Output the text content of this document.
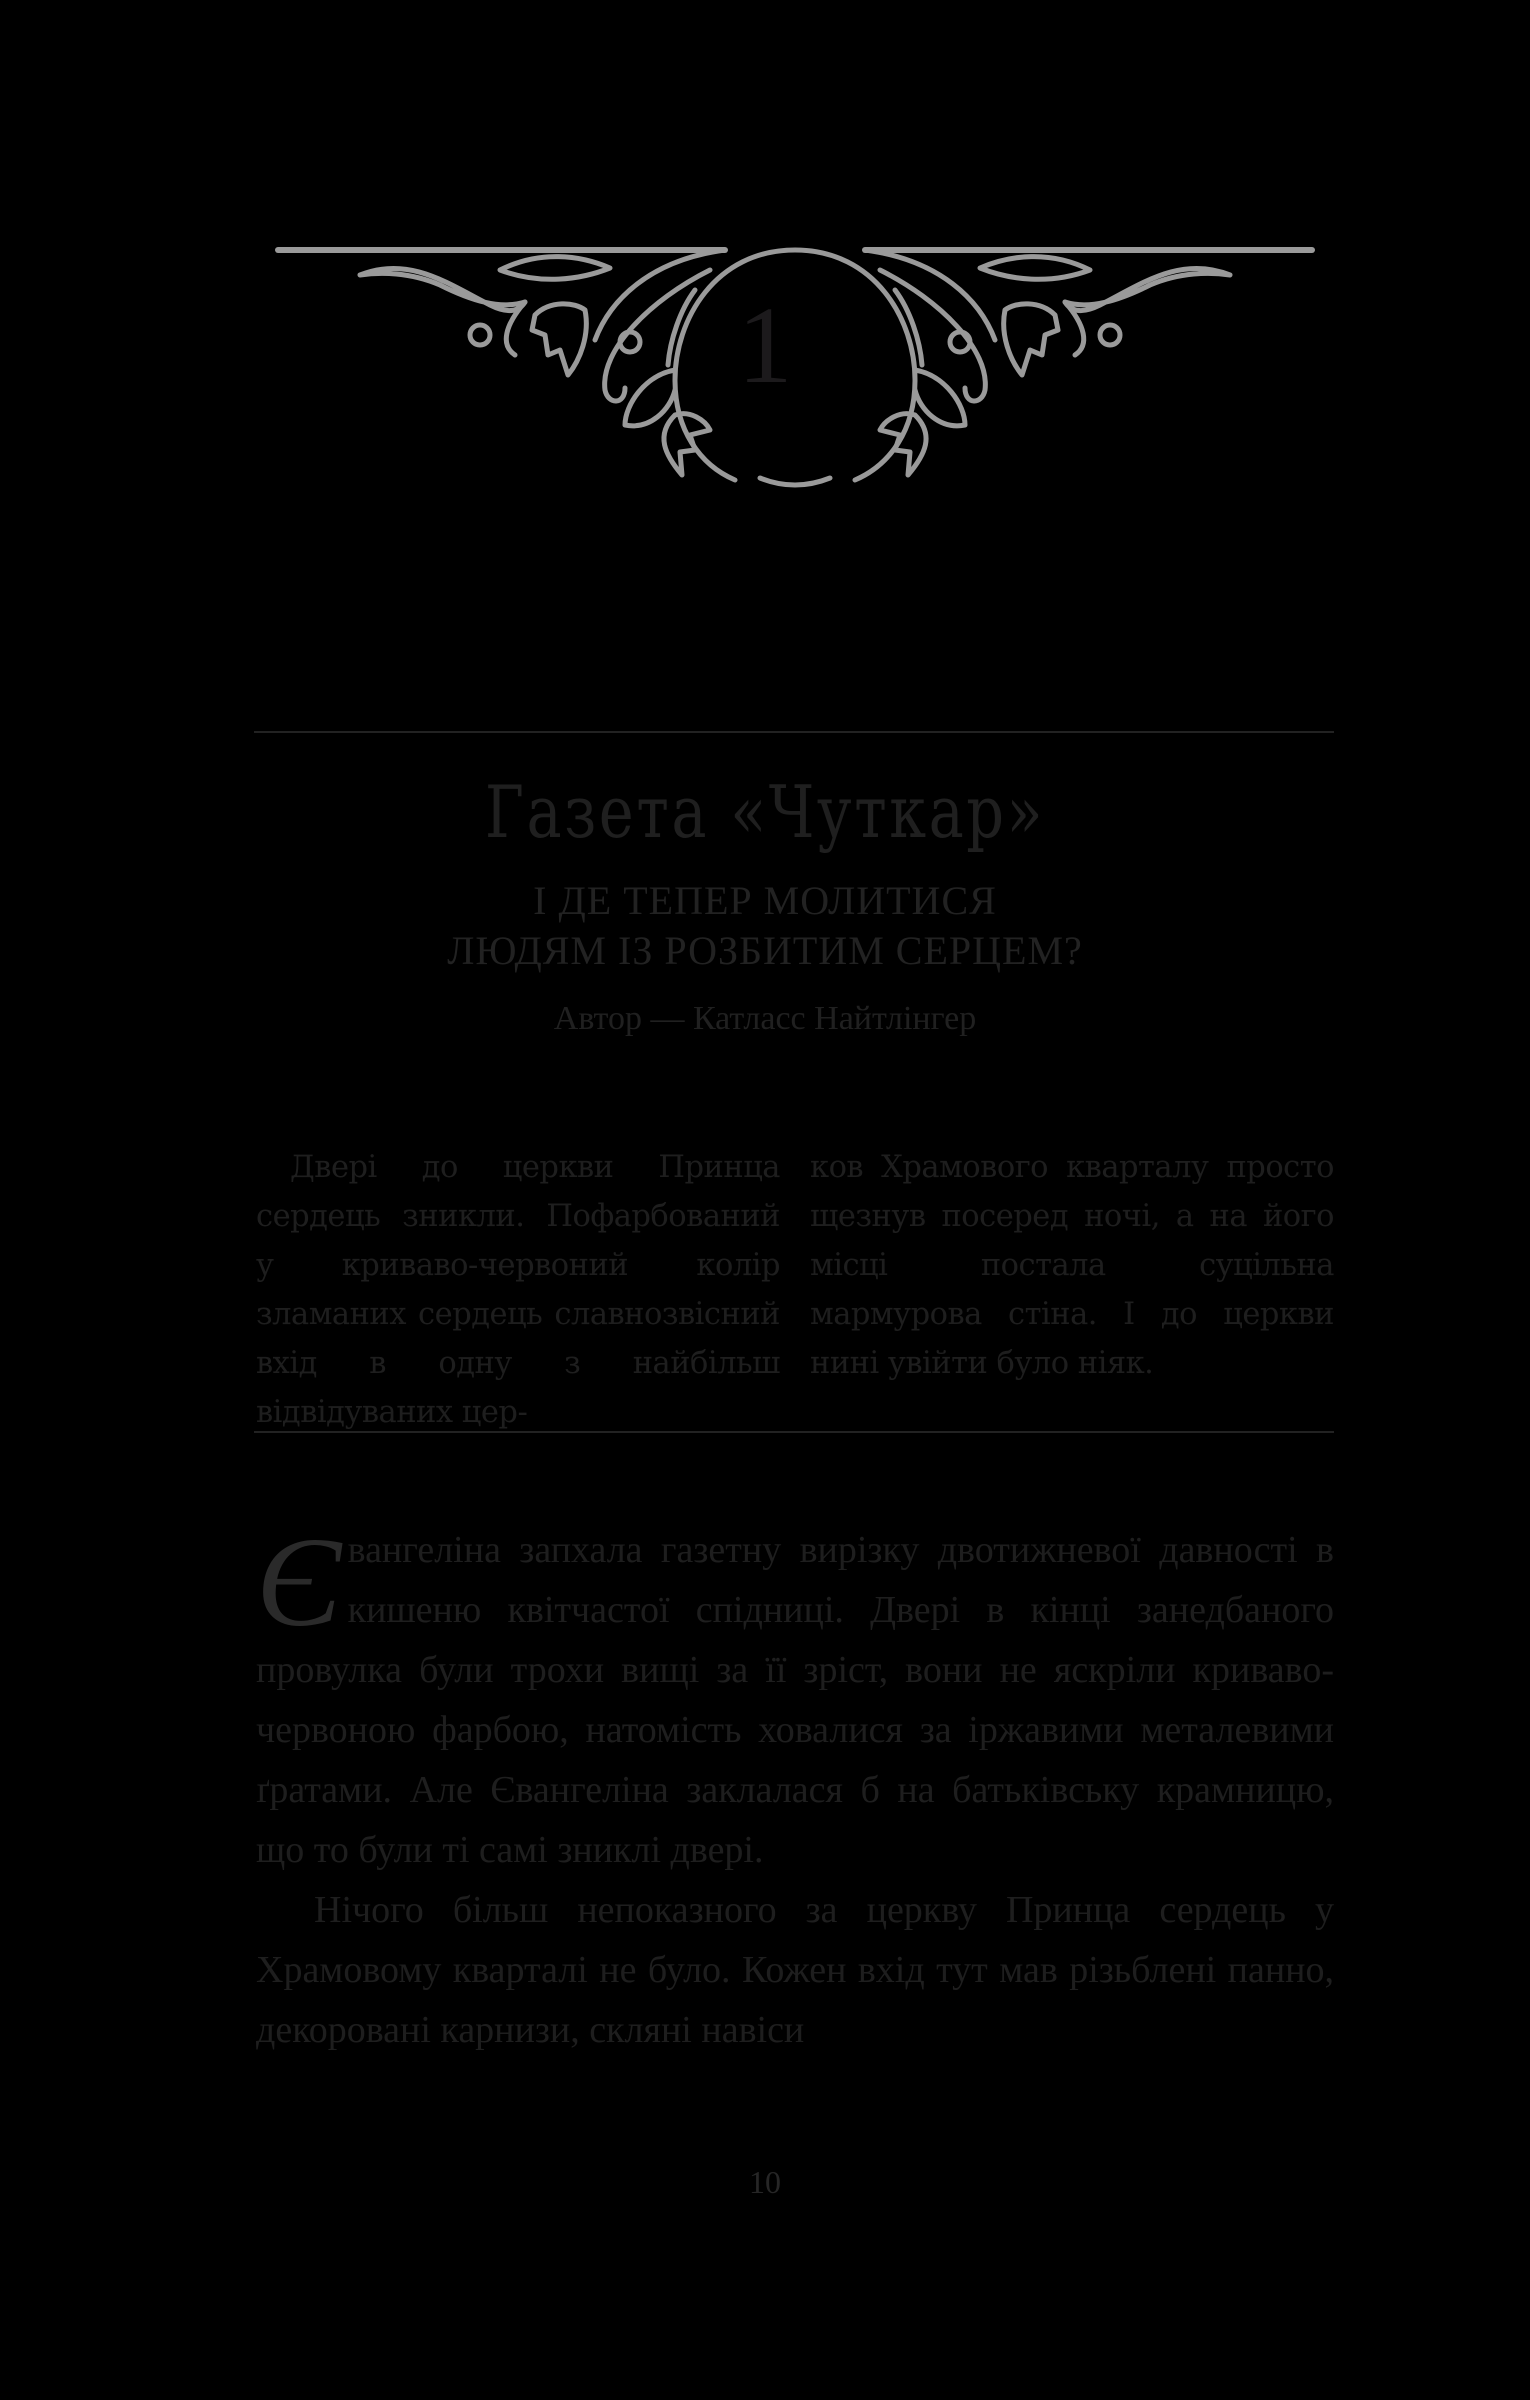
1
Газета «Чуткар»
І ДЕ ТЕПЕР МОЛИТИСЯ
ЛЮДЯМ ІЗ РОЗБИТИМ СЕРЦЕМ?
Автор — Катласс Найтлінгер

Двері до церкви Принца сердець зникли. Пофарбований у криваво-червоний колір зламаних сердець славнозвісний вхід в одну з найбільш відвідуваних цер-

ков Храмового кварталу просто щезнув посеред ночі, а на його місці постала суцільна мармурова стіна. І до церкви нині увійти було ніяк.

Євангеліна запхала газетну вирізку двотижневої давності в кишеню квітчастої спідниці. Двері в кінці занедбаного провулка були трохи вищі за її зріст, вони не яскріли криваво-червоною фарбою, натомість ховалися за іржавими металевими ґратами. Але Євангеліна заклалася б на батьківську крамницю, що то були ті самі зниклі двері.

Нічого більш непоказного за церкву Принца сердець у Храмовому кварталі не було. Кожен вхід тут мав різьблені панно, декоровані карнизи, скляні навіси

10
